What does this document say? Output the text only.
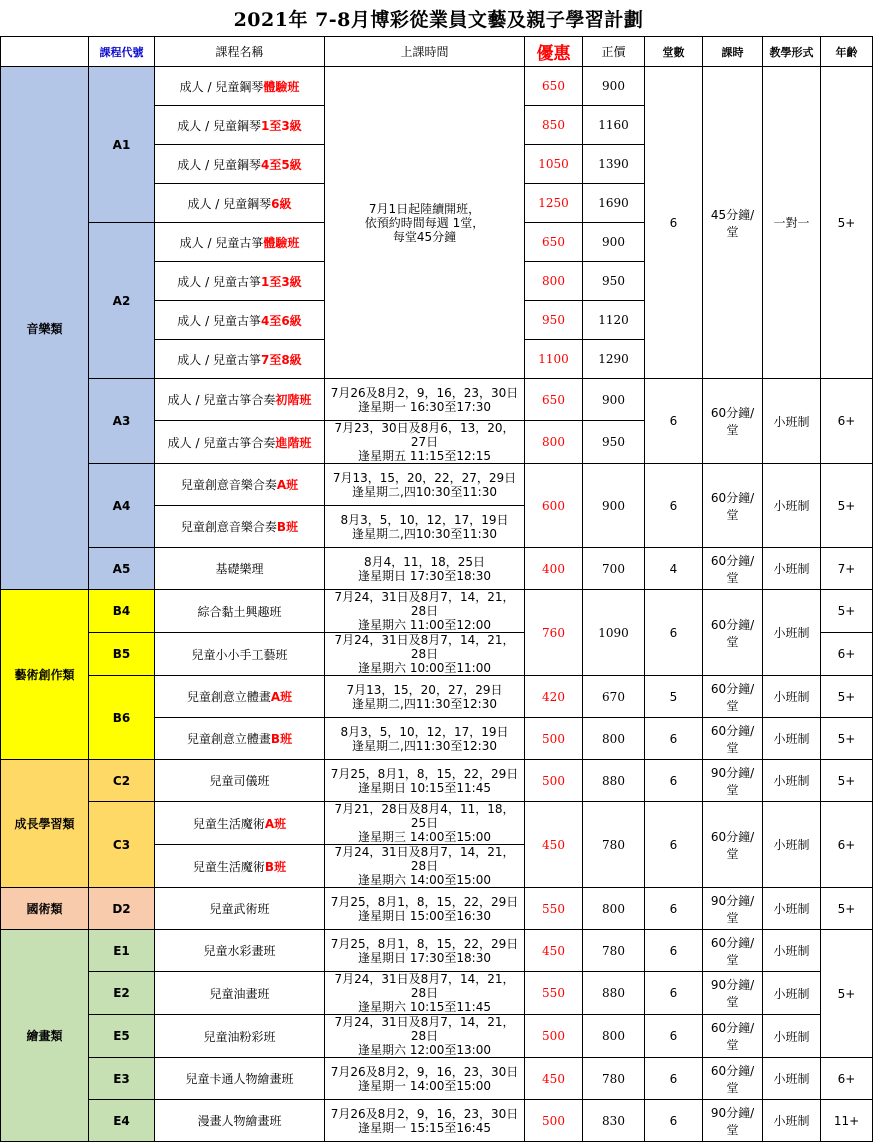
2021年 7-8月博彩從業員文藝及親子學習計劃
	課程代號	課程名稱	上課時間	優惠	正價	堂數	課時	教學形式	年齡
音樂類	A1	成人 / 兒童鋼琴體驗班	7月1日起陸續開班，
依預約時間每週 1堂，
每堂45分鐘	650	900	6	45分鐘/堂	一對一	5+
		成人 / 兒童鋼琴1至3級		850	1160				
		成人 / 兒童鋼琴4至5級		1050	1390				
		成人 / 兒童鋼琴6級		1250	1690				
	A2	成人 / 兒童古箏體驗班		650	900				
		成人 / 兒童古箏1至3級		800	950				
		成人 / 兒童古箏4至6級		950	1120				
		成人 / 兒童古箏7至8級		1100	1290				
	A3	成人 / 兒童古箏合奏初階班	7月26及8月2，9，16，23，30日
逢星期一 16:30至17:30	650	900	6	60分鐘/堂	小班制	6+
		成人 / 兒童古箏合奏進階班	7月23，30日及8月6，13，20，27日
逢星期五 11:15至12:15	800	950				
	A4	兒童創意音樂合奏A班	7月13，15，20，22，27，29日
逢星期二,四10:30至11:30	600	900	6	60分鐘/堂	小班制	5+
		兒童創意音樂合奏B班	8月3，5，10，12，17，19日
逢星期二,四10:30至11:30						

	A5	基礎樂理	8月4，11，18，25日
逢星期日 17:30至18:30	400	700	4	60分鐘/堂	小班制	7+
藝術創作類	B4	綜合黏土興趣班	7月24，31日及8月7，14，21，28日
逢星期六 11:00至12:00	760	1090	6	60分鐘/堂	小班制	5+
	B5	兒童小小手工藝班	7月24，31日及8月7，14，21，28日
逢星期六 10:00至11:00						6+
	B6	兒童創意立體畫A班	7月13，15，20，27，29日
逢星期二,四11:30至12:30	420	670	5	60分鐘/堂	小班制	5+
		兒童創意立體畫B班	8月3，5，10，12，17，19日
逢星期二,四11:30至12:30	500	800	6	60分鐘/堂	小班制	5+
成長學習類	C2	兒童司儀班	7月25，8月1，8，15，22，29日
逢星期日 10:15至11:45	500	880	6	90分鐘/堂	小班制	5+
	C3	兒童生活魔術A班	7月21，28日及8月4，11，18，25日
逢星期三 14:00至15:00	450	780	6	60分鐘/堂	小班制	6+
		兒童生活魔術B班	7月24，31日及8月7，14，21，28日
逢星期六 14:00至15:00						

國術類	D2	兒童武術班	7月25，8月1，8，15，22，29日
逢星期日 15:00至16:30	550	800	6	90分鐘/堂	小班制	5+
繪畫類	E1	兒童水彩畫班	7月25，8月1，8，15，22，29日
逢星期日 17:30至18:30	450	780	6	60分鐘/堂	小班制	5+
	E2	兒童油畫班	7月24，31日及8月7，14，21，28日
逢星期六 10:15至11:45	550	880	6	90分鐘/堂	小班制	
	E5	兒童油粉彩班	7月24，31日及8月7，14，21，28日
逢星期六 12:00至13:00	500	800	6	60分鐘/堂	小班制	
	E3	兒童卡通人物繪畫班	7月26及8月2，9，16，23，30日
逢星期一 14:00至15:00	450	780	6	60分鐘/堂	小班制	6+
	E4	漫畫人物繪畫班	7月26及8月2，9，16，23，30日
逢星期一 15:15至16:45	500	830	6	90分鐘/堂	小班制	11+
